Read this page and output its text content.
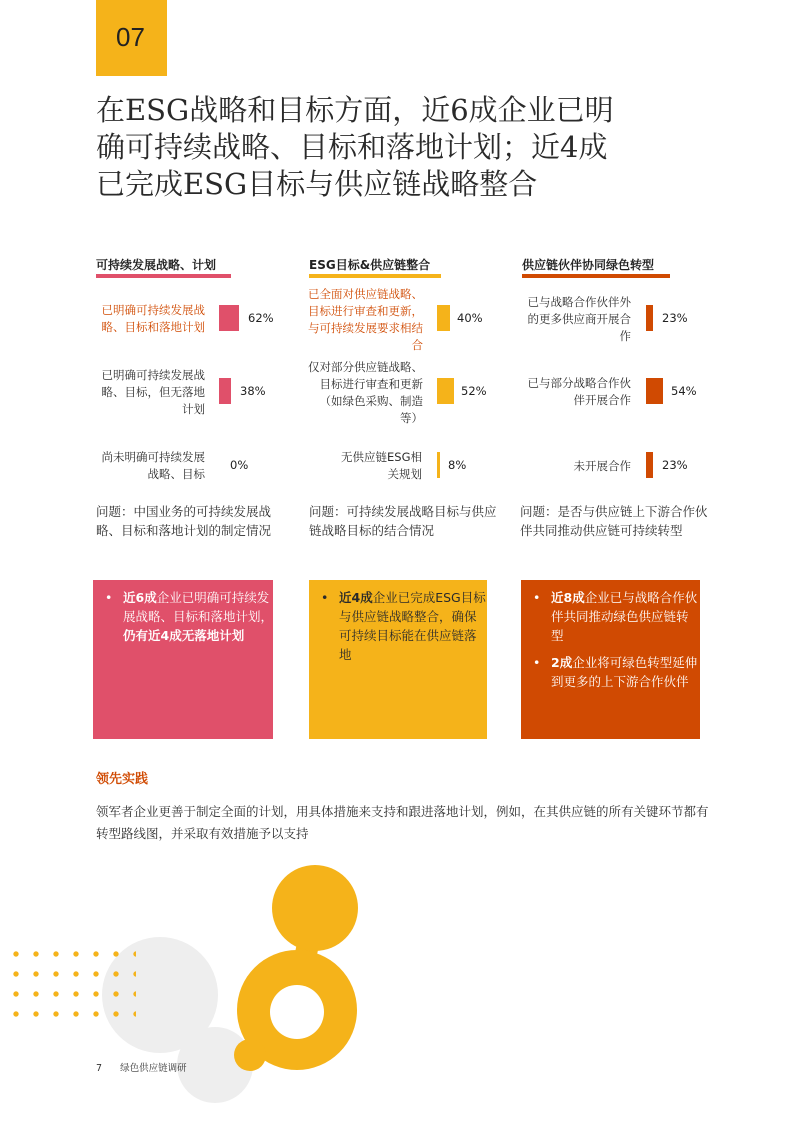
07
在ESG战略和目标方面，近6成企业已明
确可持续战略、目标和落地计划；近4成
已完成ESG目标与供应链战略整合
可持续发展战略、计划
已明确可持续发展战略、目标和落地计划
62%
已明确可持续发展战略、目标，但无落地计划
38%
尚未明确可持续发展战略、目标
0%
问题：中国业务的可持续发展战略、目标和落地计划的制定情况
• 近6成企业已明确可持续发展战略、目标和落地计划，仍有近4成无落地计划
ESG目标&供应链整合
已全面对供应链战略、目标进行审查和更新，与可持续发展要求相结合
40%
仅对部分供应链战略、目标进行审查和更新（如绿色采购、制造等）
52%
无供应链ESG相关规划
8%
问题：可持续发展战略目标与供应链战略目标的结合情况
• 近4成企业已完成ESG目标与供应链战略整合，确保可持续目标能在供应链落地
供应链伙伴协同绿色转型
已与战略合作伙伴外的更多供应商开展合作
23%
已与部分战略合作伙伴开展合作
54%
未开展合作	23%
问题：是否与供应链上下游合作伙伴共同推动供应链可持续转型
• 近8成企业已与战略合作伙伴共同推动绿色供应链转型
• 2成企业将可绿色转型延伸到更多的上下游合作伙伴
领先实践
领军者企业更善于制定全面的计划，用具体措施来支持和跟进落地计划，例如，在其供应链的所有关键环节都有转型路线图，并采取有效措施予以支持
7 绿色供应链调研
